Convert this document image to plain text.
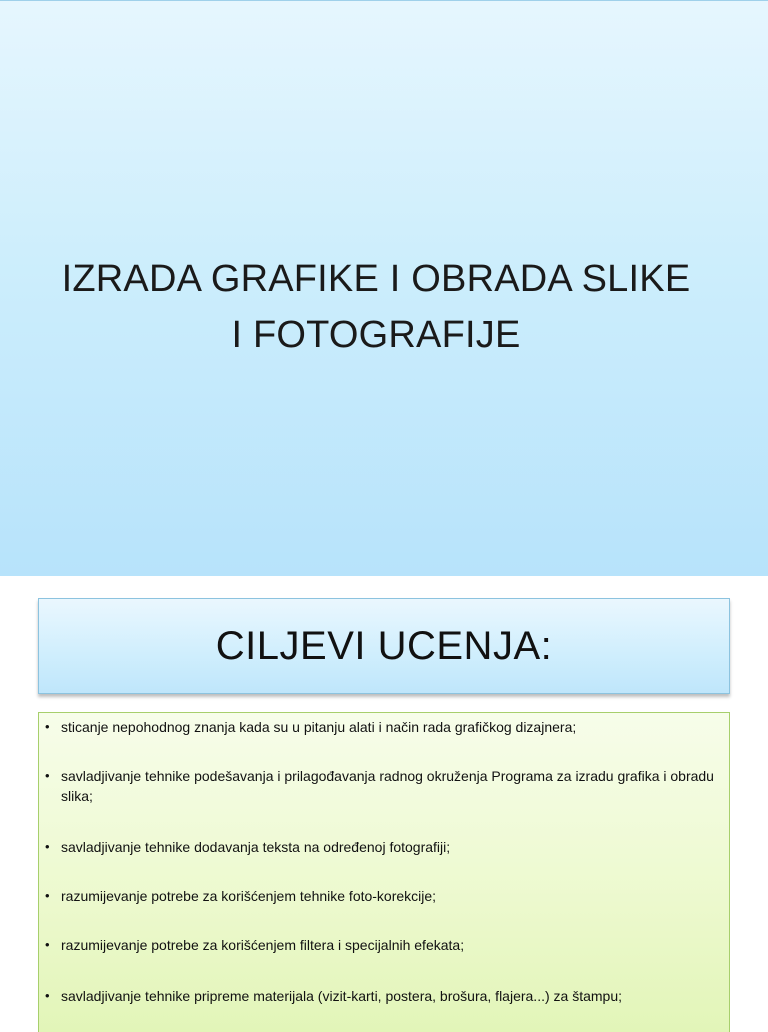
IZRADA GRAFIKE I OBRADA SLIKE
I FOTOGRAFIJE
CILJEVI UCENJA:
• sticanje nepohodnog znanja kada su u pitanju alati i način rada grafičkog dizajnera;
• savladjivanje tehnike podešavanja i prilagođavanja radnog okruženja Programa za izradu grafika i obradu slika;
• savladjivanje tehnike dodavanja teksta na određenoj fotografiji;
• razumijevanje potrebe za korišćenjem tehnike foto-korekcije;
• razumijevanje potrebe za korišćenjem filtera i specijalnih efekata;
• savladjivanje tehnike pripreme materijala (vizit-karti, postera, brošura, flajera...) za štampu;
